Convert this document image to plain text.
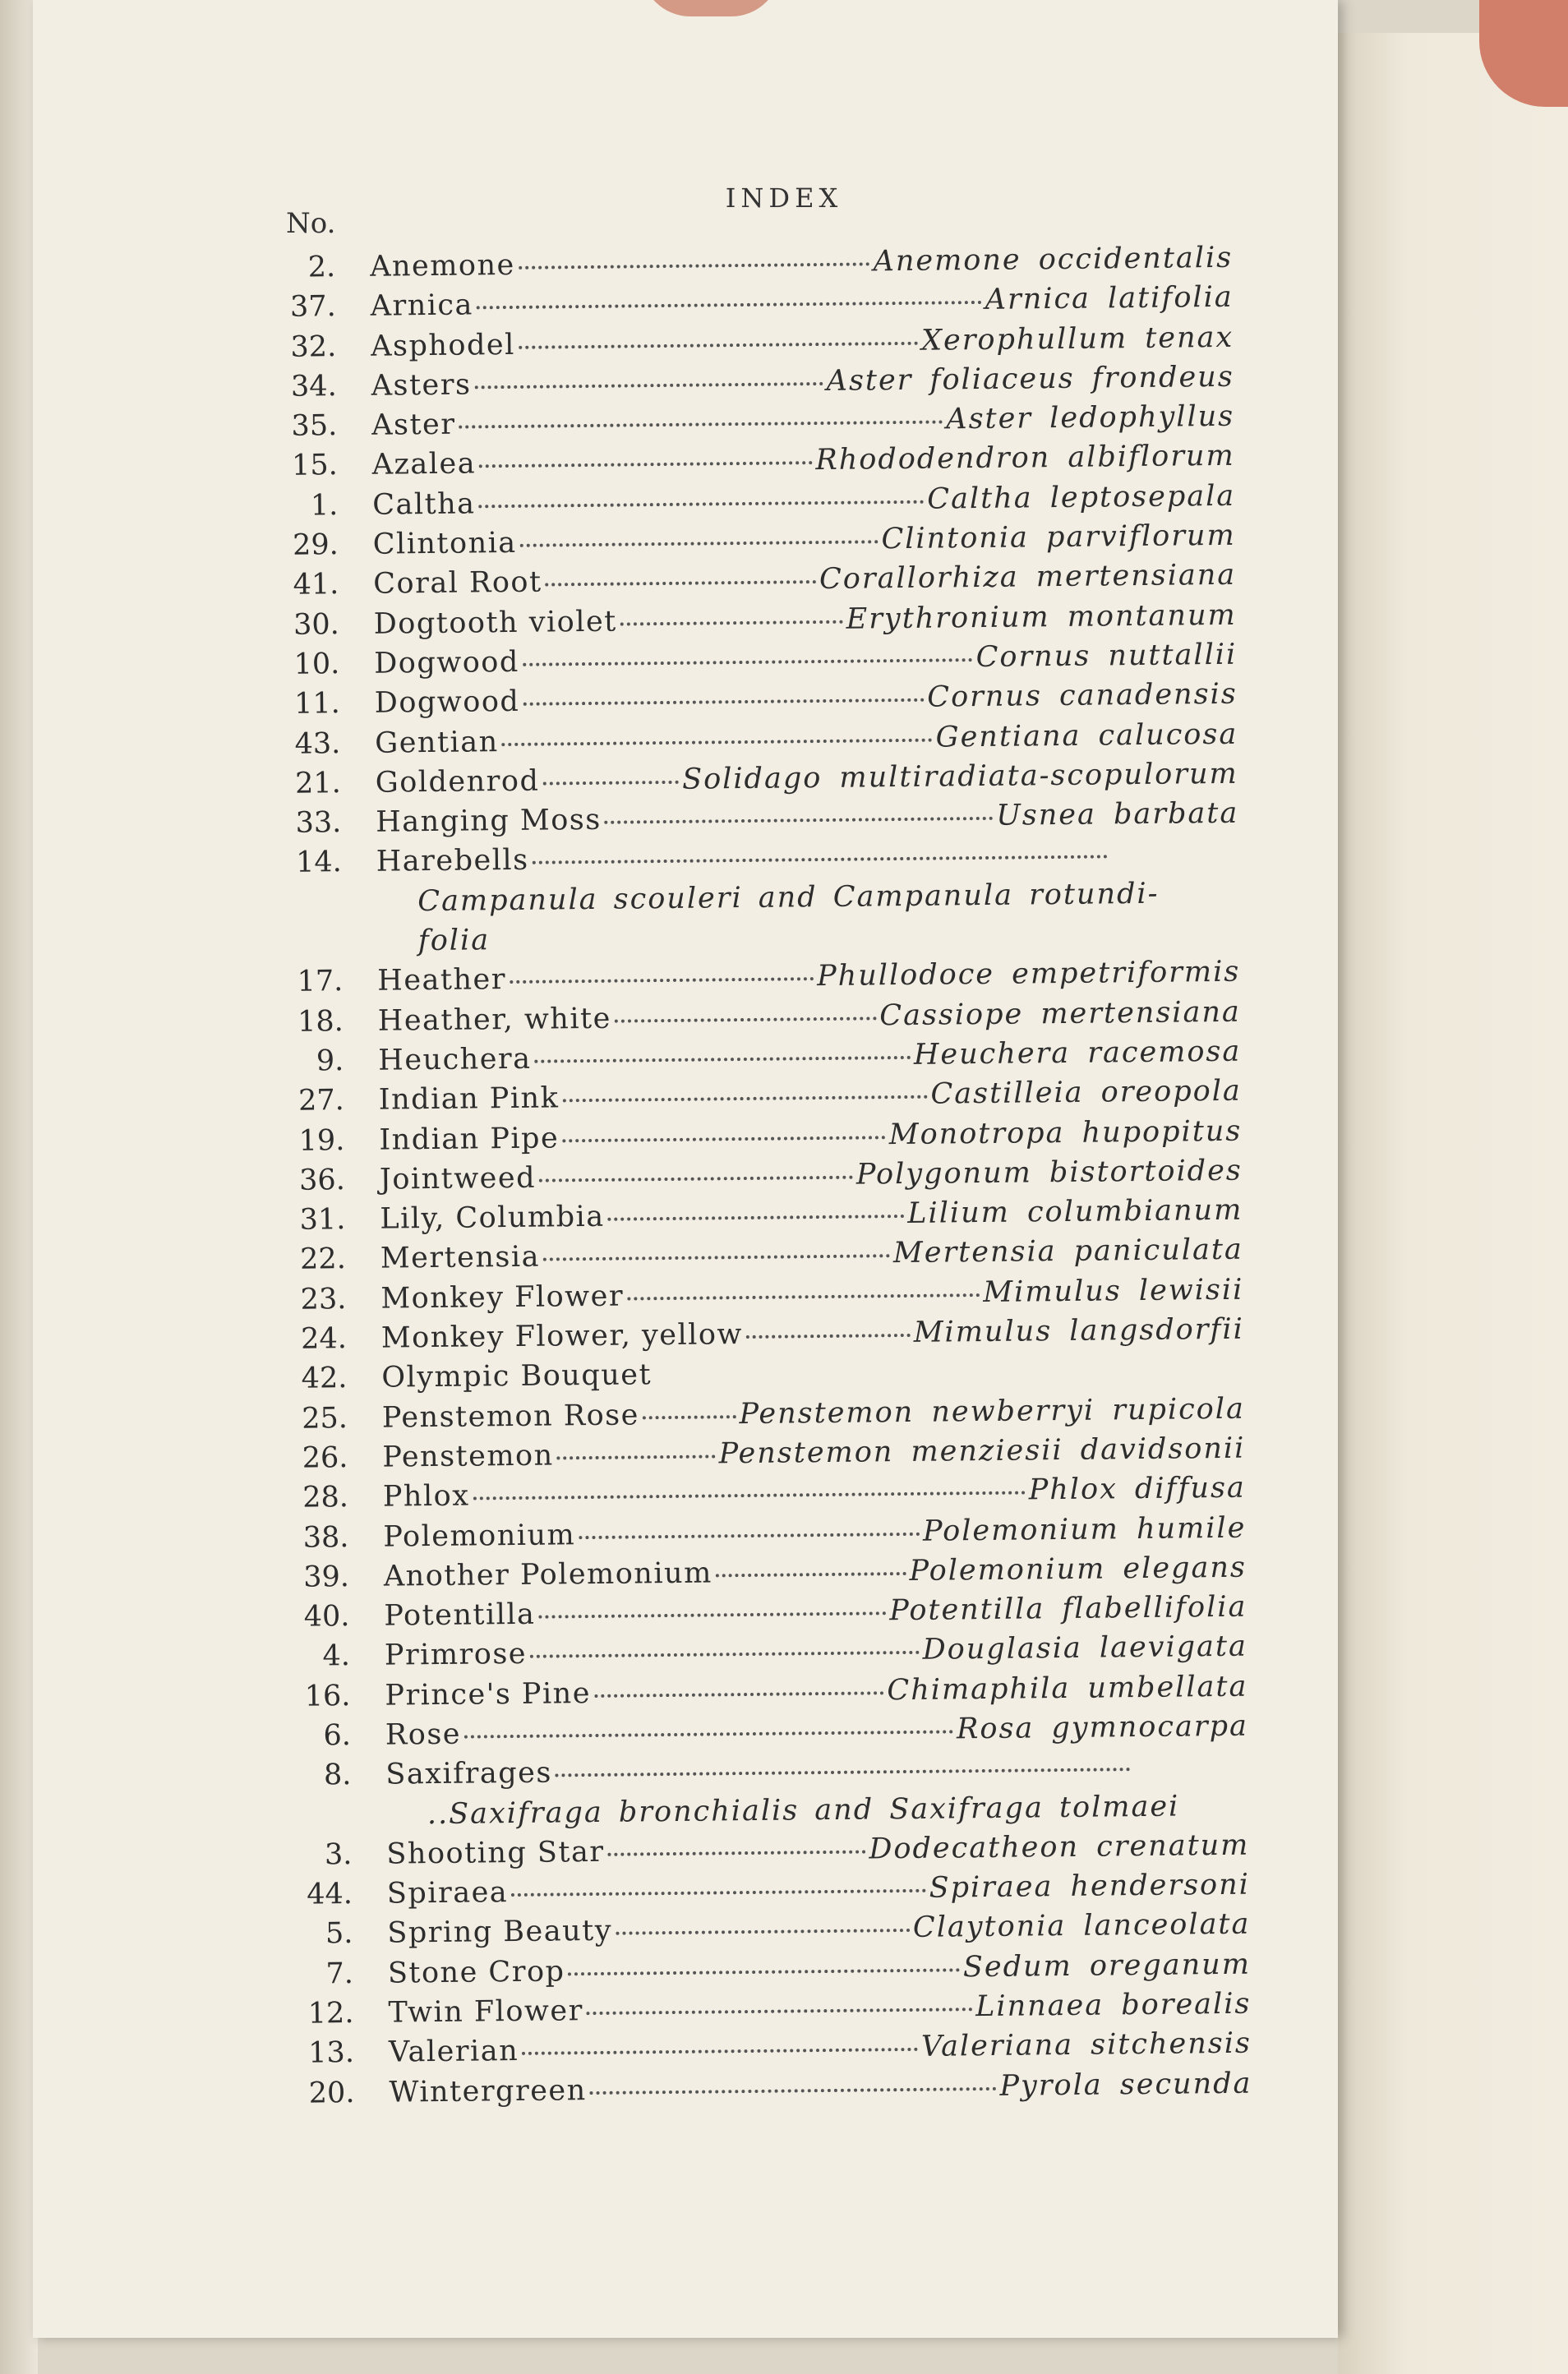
INDEX
No.
2. Anemone	Anemone occidentalis
37. Arnica	Arnica latifolia
32. Asphodel	Xerophullum tenax
34. Asters	Aster foliaceus frondeus
35. Aster	Aster ledophyllus
15. Azalea	Rhododendron albiflorum
1. Caltha	Caltha leptosepala
29. Clintonia	Clintonia parviflorum
41. Coral Root	Corallorhiza mertensiana
30. Dogtooth violet	Erythronium montanum
10. Dogwood	Cornus nuttallii
11. Dogwood	Cornus canadensis
43. Gentian	Gentiana calucosa
21. Goldenrod	Solidago multiradiata-scopulorum
33. Hanging Moss	Usnea barbata
14. Harebells
Campanula scouleri and Campanula rotundi-
folia
17. Heather	Phullodoce empetriformis
18. Heather, white	Cassiope mertensiana
9. Heuchera	Heuchera racemosa
27. Indian Pink	Castilleia oreopola
19. Indian Pipe	Monotropa hupopitus
36. Jointweed	Polygonum bistortoides
31. Lily, Columbia	Lilium columbianum
22. Mertensia	Mertensia paniculata
23. Monkey Flower	Mimulus lewisii
24. Monkey Flower, yellow	Mimulus langsdorfii
42. Olympic Bouquet
25. Penstemon Rose	Penstemon newberryi rupicola
26. Penstemon	Penstemon menziesii davidsonii
28. Phlox	Phlox diffusa
38. Polemonium	Polemonium humile
39. Another Polemonium	Polemonium elegans
40. Potentilla	Potentilla flabellifolia
4. Primrose	Douglasia laevigata
16. Prince's Pine	Chimaphila umbellata
6. Rose	Rosa gymnocarpa
8. Saxifrages
..Saxifraga bronchialis and Saxifraga tolmaei
3. Shooting Star	Dodecatheon crenatum
44. Spiraea	Spiraea hendersoni
5. Spring Beauty	Claytonia lanceolata
7. Stone Crop	Sedum oreganum
12. Twin Flower	Linnaea borealis
13. Valerian	Valeriana sitchensis
20. Wintergreen	Pyrola secunda
